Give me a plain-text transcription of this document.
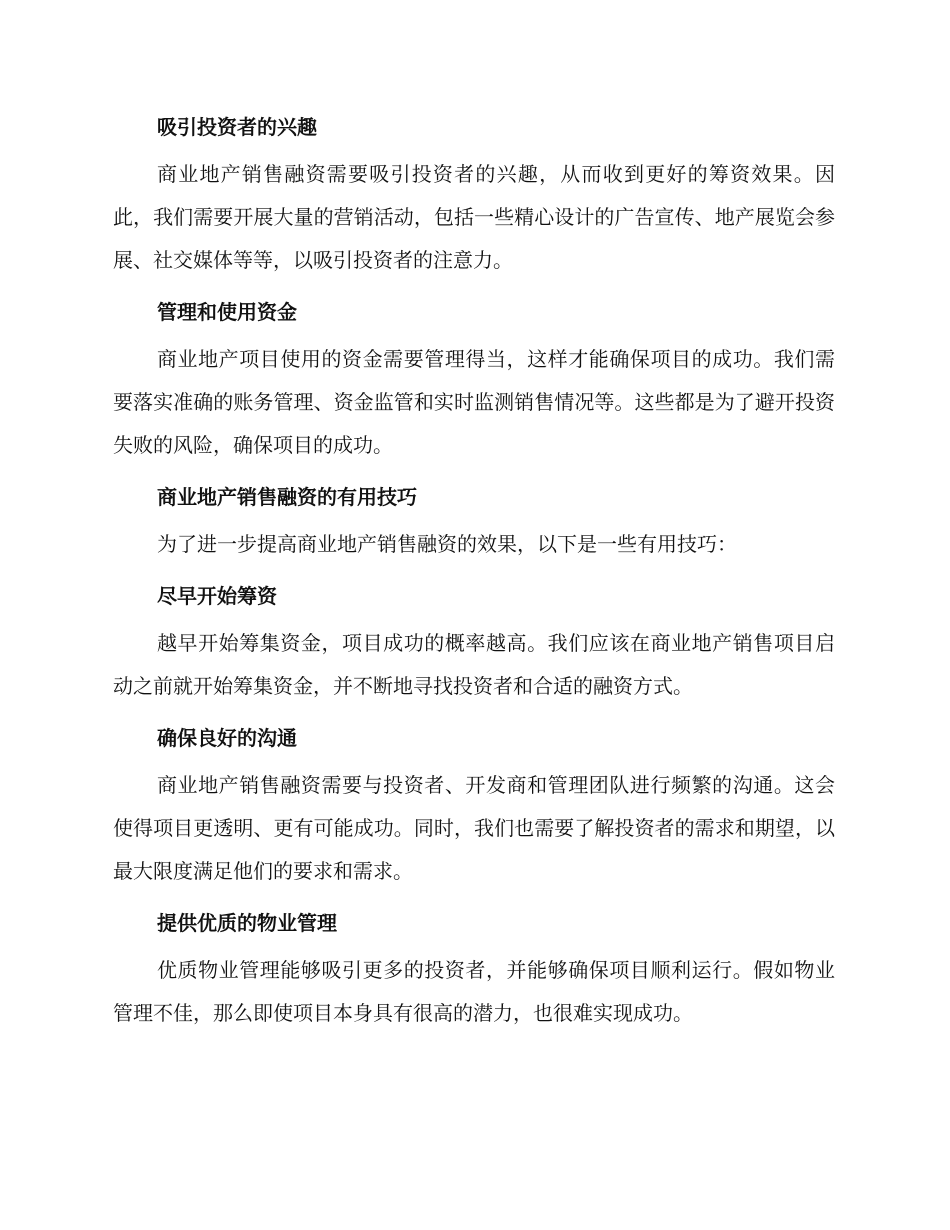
吸引投资者的兴趣

商业地产销售融资需要吸引投资者的兴趣，从而收到更好的筹资效果。因此，我们需要开展大量的营销活动，包括一些精心设计的广告宣传、地产展览会参展、社交媒体等等，以吸引投资者的注意力。

管理和使用资金

商业地产项目使用的资金需要管理得当，这样才能确保项目的成功。我们需要落实准确的账务管理、资金监管和实时监测销售情况等。这些都是为了避开投资失败的风险，确保项目的成功。

商业地产销售融资的有用技巧

为了进一步提高商业地产销售融资的效果，以下是一些有用技巧：

尽早开始筹资

越早开始筹集资金，项目成功的概率越高。我们应该在商业地产销售项目启动之前就开始筹集资金，并不断地寻找投资者和合适的融资方式。

确保良好的沟通

商业地产销售融资需要与投资者、开发商和管理团队进行频繁的沟通。这会使得项目更透明、更有可能成功。同时，我们也需要了解投资者的需求和期望，以最大限度满足他们的要求和需求。

提供优质的物业管理

优质物业管理能够吸引更多的投资者，并能够确保项目顺利运行。假如物业管理不佳，那么即使项目本身具有很高的潜力，也很难实现成功。
